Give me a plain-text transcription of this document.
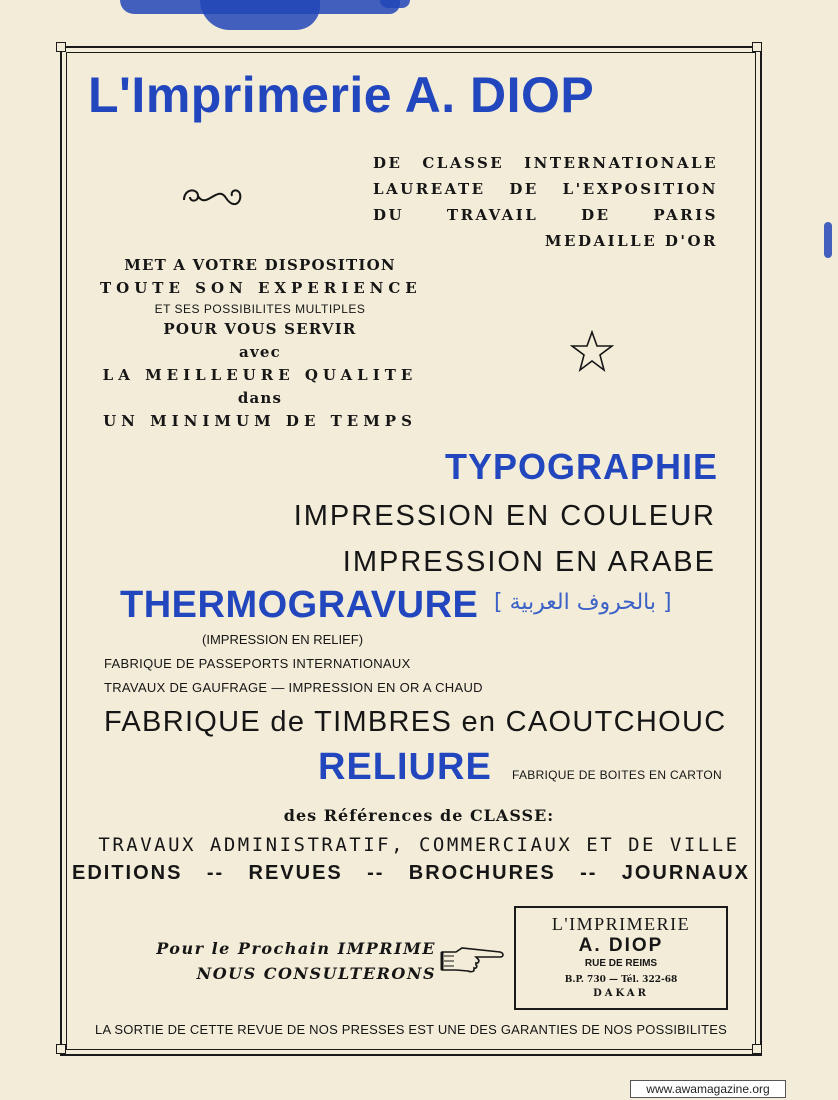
L'Imprimerie A. DIOP
DE CLASSE INTERNATIONALE
LAUREATE DE L'EXPOSITION
DU TRAVAIL DE PARIS
MEDAILLE D'OR
MET A VOTRE DISPOSITION
TOUTE SON EXPERIENCE
ET SES POSSIBILITES MULTIPLES
POUR VOUS SERVIR
avec
LA MEILLEURE QUALITE
dans
UN MINIMUM DE TEMPS
TYPOGRAPHIE
IMPRESSION EN COULEUR
IMPRESSION EN ARABE
THERMOGRAVURE [ بالحروف العربية ]
(IMPRESSION EN RELIEF)
FABRIQUE DE PASSEPORTS INTERNATIONAUX
TRAVAUX DE GAUFRAGE — IMPRESSION EN OR A CHAUD
FABRIQUE de TIMBRES en CAOUTCHOUC
RELIURE FABRIQUE DE BOITES EN CARTON
des Références de CLASSE:
TRAVAUX ADMINISTRATIF, COMMERCIAUX ET DE VILLE
EDITIONS -- REVUES -- BROCHURES -- JOURNAUX
Pour le Prochain IMPRIME
NOUS CONSULTERONS
L'IMPRIMERIE
A. DIOP
RUE DE REIMS
B.P. 730 — Tél. 322-68
DAKAR
LA SORTIE DE CETTE REVUE DE NOS PRESSES EST UNE DES GARANTIES DE NOS POSSIBILITES
www.awamagazine.org
